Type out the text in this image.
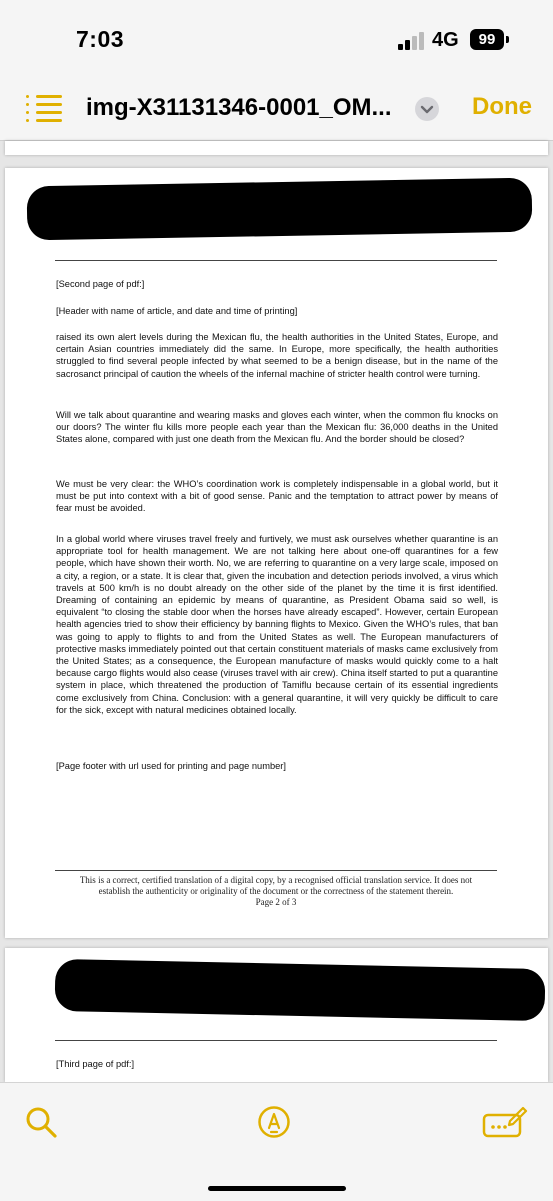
7:03	4G	99
img-X31131346-0001_OM...	Done
[Second page of pdf:]
[Header with name of article, and date and time of printing]

raised its own alert levels during the Mexican flu, the health authorities in the United States, Europe, and certain Asian countries immediately did the same. In Europe, more specifically, the health authorities struggled to find several people infected by what seemed to be a benign disease, but in the name of the sacrosanct principal of caution the wheels of the infernal machine of stricter health control were turning.

Will we talk about quarantine and wearing masks and gloves each winter, when the common flu knocks on our doors? The winter flu kills more people each year than the Mexican flu: 36,000 deaths in the United States alone, compared with just one death from the Mexican flu. And the border should be closed?

We must be very clear: the WHO’s coordination work is completely indispensable in a global world, but it must be put into context with a bit of good sense. Panic and the temptation to attract power by means of fear must be avoided.

In a global world where viruses travel freely and furtively, we must ask ourselves whether quarantine is an appropriate tool for health management. We are not talking here about one-off quarantines for a few people, which have shown their worth. No, we are referring to quarantine on a very large scale, imposed on a city, a region, or a state. It is clear that, given the incubation and detection periods involved, a virus which travels at 500 km/h is no doubt already on the other side of the planet by the time it is first identified. Dreaming of containing an epidemic by means of quarantine, as President Obama said so well, is equivalent “to closing the stable door when the horses have already escaped”. However, certain European health agencies tried to show their efficiency by banning flights to Mexico. Given the WHO’s rules, that ban was going to apply to flights to and from the United States as well. The European manufacturers of protective masks immediately pointed out that certain constituent materials of masks came exclusively from the United States; as a consequence, the European manufacture of masks would quickly come to a halt because cargo flights would also cease (viruses travel with air crew). China itself started to put a quarantine system in place, which threatened the production of Tamiflu because certain of its essential ingredients come exclusively from China. Conclusion: with a general quarantine, it will very quickly be difficult to care for the sick, except with natural medicines obtained locally.

[Page footer with url used for printing and page number]
This is a correct, certified translation of a digital copy, by a recognised official translation service. It does not
establish the authenticity or originality of the document or the correctness of the statement therein.
Page 2 of 3
[Third page of pdf:]
